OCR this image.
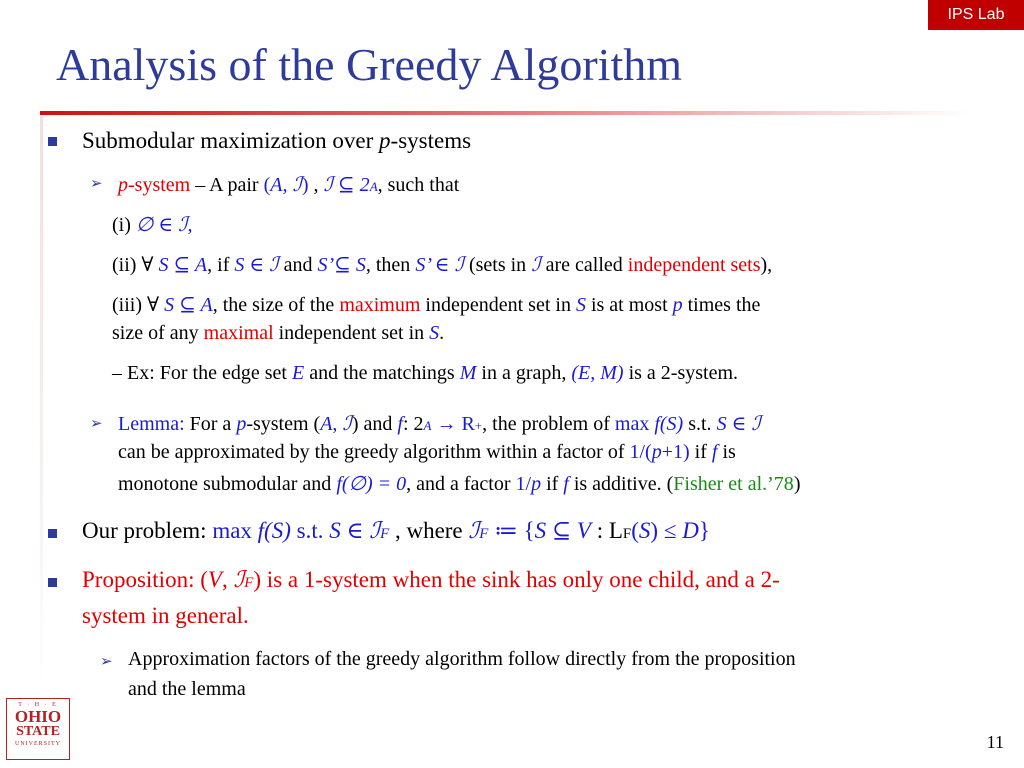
IPS Lab
Analysis of the Greedy Algorithm
Submodular maximization over p-systems
➢ p-system – A pair (A, ℐ) , ℐ ⊆ $2^A$, such that
(i) ∅ ∈ ℐ,
(ii) ∀ S ⊆ A, if S ∈ ℐ and S’⊆ S, then S’ ∈ ℐ (sets in ℐ are called independent sets),
(iii) ∀ S ⊆ A, the size of the maximum independent set in S is at most p times the
size of any maximal independent set in S.
– Ex: For the edge set E and the matchings M in a graph, (E, M) is a 2-system.
➢ Lemma: For a p-system (A, ℐ) and f: $2^A \to R^+$, the problem of max f(S) s.t. S ∈ ℐ
can be approximated by the greedy algorithm within a factor of 1/(p+1) if f is
monotone submodular and f(∅) = 0, and a factor 1/p if f is additive. (Fisher et al.’78)
Our problem: max f(S) s.t. S ∈ ℐ$_F$ , where ℐ$_F$ ≔ {S ⊆ V : $L_F(S) \le D$}
Proposition: (V, ℐ$_F$) is a 1-system when the sink has only one child, and a 2-
system in general.
➢ Approximation factors of the greedy algorithm follow directly from the proposition
and the lemma
T · H · E
OHIO
STATE
UNIVERSITY	11
